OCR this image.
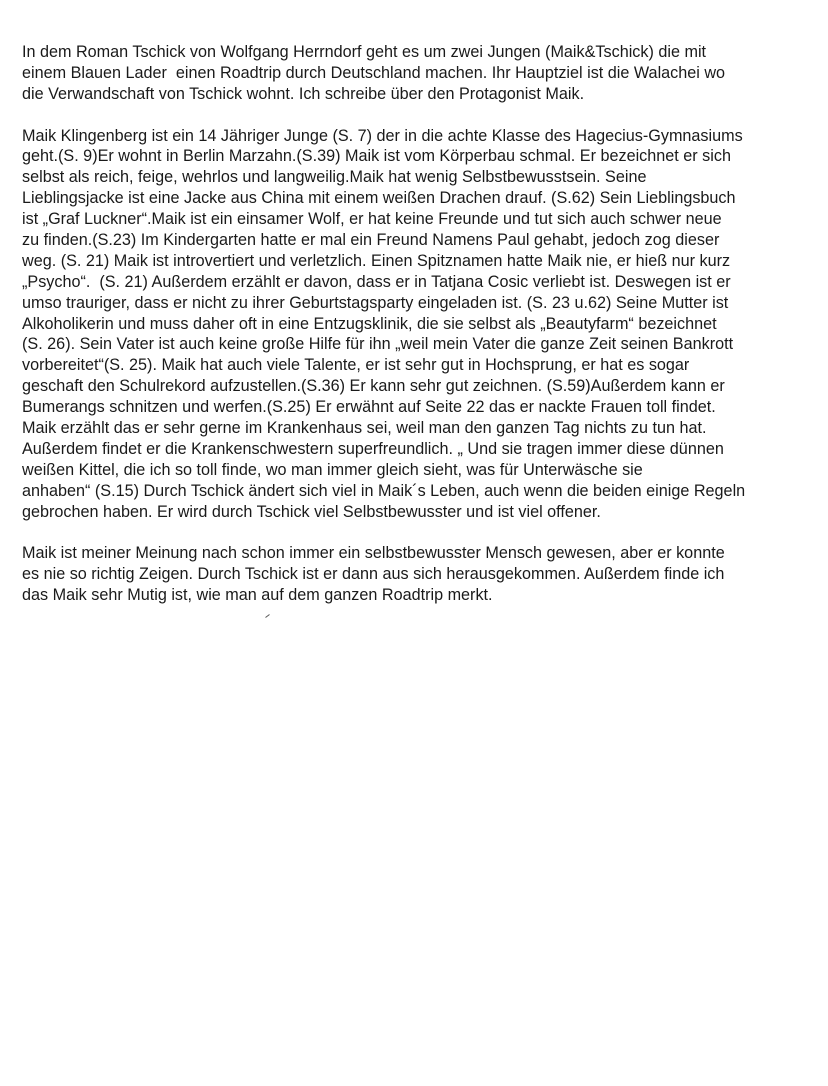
In dem Roman Tschick von Wolfgang Herrndorf geht es um zwei Jungen (Maik&Tschick) die mit
einem Blauen Lader  einen Roadtrip durch Deutschland machen. Ihr Hauptziel ist die Walachei wo
die Verwandschaft von Tschick wohnt. Ich schreibe über den Protagonist Maik.
Maik Klingenberg ist ein 14 Jähriger Junge (S. 7) der in die achte Klasse des Hagecius-Gymnasiums
geht.(S. 9)Er wohnt in Berlin Marzahn.(S.39) Maik ist vom Körperbau schmal. Er bezeichnet er sich
selbst als reich, feige, wehrlos und langweilig.Maik hat wenig Selbstbewusstsein. Seine
Lieblingsjacke ist eine Jacke aus China mit einem weißen Drachen drauf. (S.62) Sein Lieblingsbuch
ist „Graf Luckner“.Maik ist ein einsamer Wolf, er hat keine Freunde und tut sich auch schwer neue
zu finden.(S.23) Im Kindergarten hatte er mal ein Freund Namens Paul gehabt, jedoch zog dieser
weg. (S. 21) Maik ist introvertiert und verletzlich. Einen Spitznamen hatte Maik nie, er hieß nur kurz
„Psycho“.  (S. 21) Außerdem erzählt er davon, dass er in Tatjana Cosic verliebt ist. Deswegen ist er
umso trauriger, dass er nicht zu ihrer Geburtstagsparty eingeladen ist. (S. 23 u.62) Seine Mutter ist
Alkoholikerin und muss daher oft in eine Entzugsklinik, die sie selbst als „Beautyfarm“ bezeichnet
(S. 26). Sein Vater ist auch keine große Hilfe für ihn „weil mein Vater die ganze Zeit seinen Bankrott
vorbereitet“(S. 25). Maik hat auch viele Talente, er ist sehr gut in Hochsprung, er hat es sogar
geschaft den Schulrekord aufzustellen.(S.36) Er kann sehr gut zeichnen. (S.59)Außerdem kann er
Bumerangs schnitzen und werfen.(S.25) Er erwähnt auf Seite 22 das er nackte Frauen toll findet.
Maik erzählt das er sehr gerne im Krankenhaus sei, weil man den ganzen Tag nichts zu tun hat.
Außerdem findet er die Krankenschwestern superfreundlich. „ Und sie tragen immer diese dünnen
weißen Kittel, die ich so toll finde, wo man immer gleich sieht, was für Unterwäsche sie
anhaben“ (S.15) Durch Tschick ändert sich viel in Maik´s Leben, auch wenn die beiden einige Regeln
gebrochen haben. Er wird durch Tschick viel Selbstbewusster und ist viel offener.
Maik ist meiner Meinung nach schon immer ein selbstbewusster Mensch gewesen, aber er konnte
es nie so richtig Zeigen. Durch Tschick ist er dann aus sich herausgekommen. Außerdem finde ich
das Maik sehr Mutig ist, wie man auf dem ganzen Roadtrip merkt.
